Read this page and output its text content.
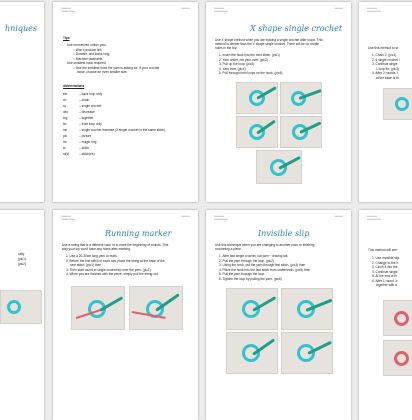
hniques
▪▪▪▪▪▪▪▪▪▪▪
▪▪▪▪▪▪▪▪▪▪▪▪▪▪▪
▪▪▪▪▪▪▪▪▪
Tips
Use mercerized cotton yarn.
○ Won't produce lint,
○ Durable, and looks long,
○ Machine washable.
Use smallest hook required
○ Use the smallest hook the yarn is asking for. If your crochet
loose, choose an even smaller size.
Abbreviations
blo	– back loop only
ch	– chain
sc	– single crochet
dec	– decrease
tog	– together
flo	– front loop only
inc	– single crochet increase (2 single crochet in the same stitch)
pic	– picture
mr	– magic ring
st	– stitch
st(s)	– stitch(es)
▪▪▪▪▪▪▪▪▪▪▪
▪▪▪▪▪▪▪▪▪▪▪▪▪▪▪
▪▪▪▪▪▪▪▪▪
X shape single crochet
Use X shape method when you are making a single crochet after loops. This
method is denser than the V shape single crochet. There will be no visible
holes in the toy.
1. Insert the hook into the next stitch. (pic1)
2. Yarn under, not yarn over. (pic2)
3. Pull up the loop. (pic3)
4. Yarn over. (pic4)
5. Pull through both loops on the hook. (pic5)
▪▪▪▪▪▪▪▪▪▪▪
▪▪▪▪▪▪▪▪▪▪▪▪▪▪▪
Use this method to st
1. Chain 2. (pic1)
2. 6 single crochet i
3. Continue single
1 loop for. (pic3)
4. After 2 rounds, t
at the base of th
cally
(pic1)
(pic2)
▪▪▪▪▪▪▪▪▪▪▪
▪▪▪▪▪▪▪▪▪▪▪▪▪▪▪
▪▪▪▪▪▪▪▪▪
Running marker
Use a string that is a different color or to mark the beginning of rounds. This
way your toy won't have any holes after marking.
1. Use a 20-30cm long yarn to mark.
2. Before the first stitch of each row, place the string at the base of the
next stitch. (pic1) then
3. Then start round to single crochet/ep over the yarn. (pic2)
4. When you are finished with the piece, simply pull the string out.
▪▪▪▪▪▪▪▪▪▪▪
▪▪▪▪▪▪▪▪▪▪▪▪▪▪▪
▪▪▪▪▪▪▪▪▪
Invisible slip
Use this technique when you are changing to another color or finishing
crocheting a piece.
1. After last single crochet, cut yarn ~ leaving tail.
2. Pull the yarn through the loop. (pic2)
3. Using the hook, put the yarn through first stitch. (pic3) then
4. Place the hook into the last stitch from underneath. (pic5) then
5. Pull the yarn through the loop.
6. Tighten the loop by pulling the yarn. (pic6)
▪▪▪▪▪▪▪▪▪▪▪
▪▪▪▪▪▪▪▪▪▪▪▪▪▪▪
This method will see
1. Use invisible slip
2. Change to the h
3. Cinch it into the
4. Continue single
5. At the end of th
6. After 1 round, b
together with a
